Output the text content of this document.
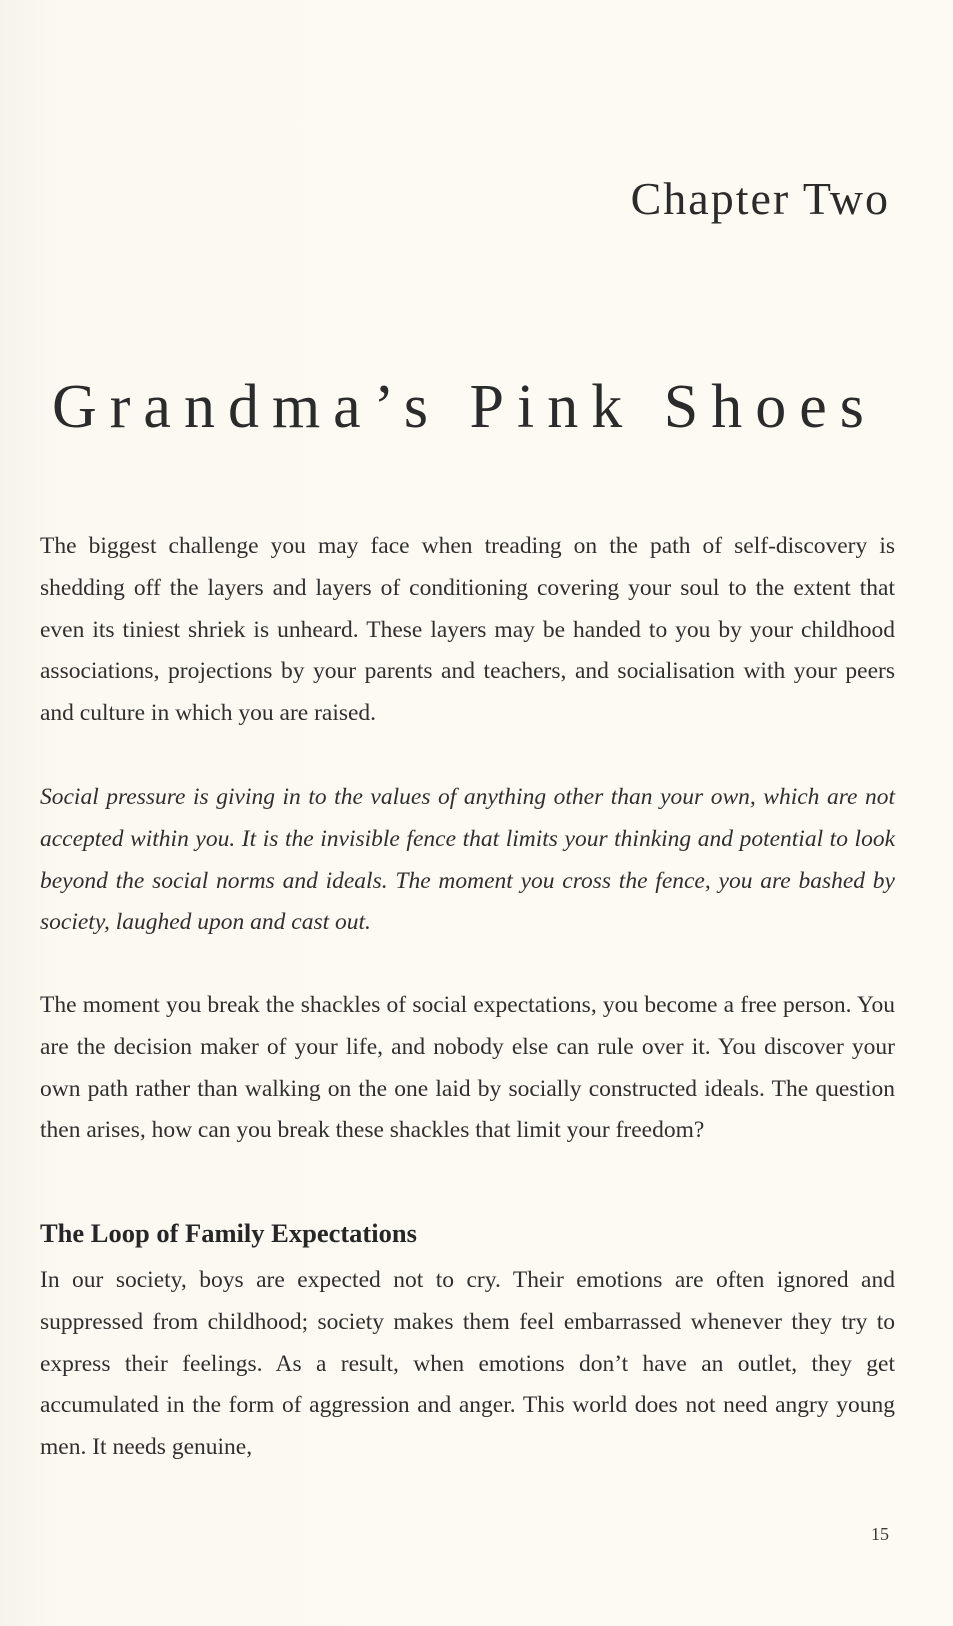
Chapter Two
Grandma’s Pink Shoes

The biggest challenge you may face when treading on the path of self-discovery is shedding off the layers and layers of conditioning covering your soul to the extent that even its tiniest shriek is unheard. These layers may be handed to you by your childhood associations, projections by your parents and teachers, and socialisation with your peers and culture in which you are raised.

Social pressure is giving in to the values of anything other than your own, which are not accepted within you. It is the invisible fence that limits your thinking and potential to look beyond the social norms and ideals. The moment you cross the fence, you are bashed by society, laughed upon and cast out.

The moment you break the shackles of social expectations, you become a free person. You are the decision maker of your life, and nobody else can rule over it. You discover your own path rather than walking on the one laid by socially constructed ideals. The question then arises, how can you break these shackles that limit your freedom?

The Loop of Family Expectations

In our society, boys are expected not to cry. Their emotions are often ignored and suppressed from childhood; society makes them feel embarrassed whenever they try to express their feelings. As a result, when emotions don’t have an outlet, they get accumulated in the form of aggression and anger. This world does not need angry young men. It needs genuine,

15
